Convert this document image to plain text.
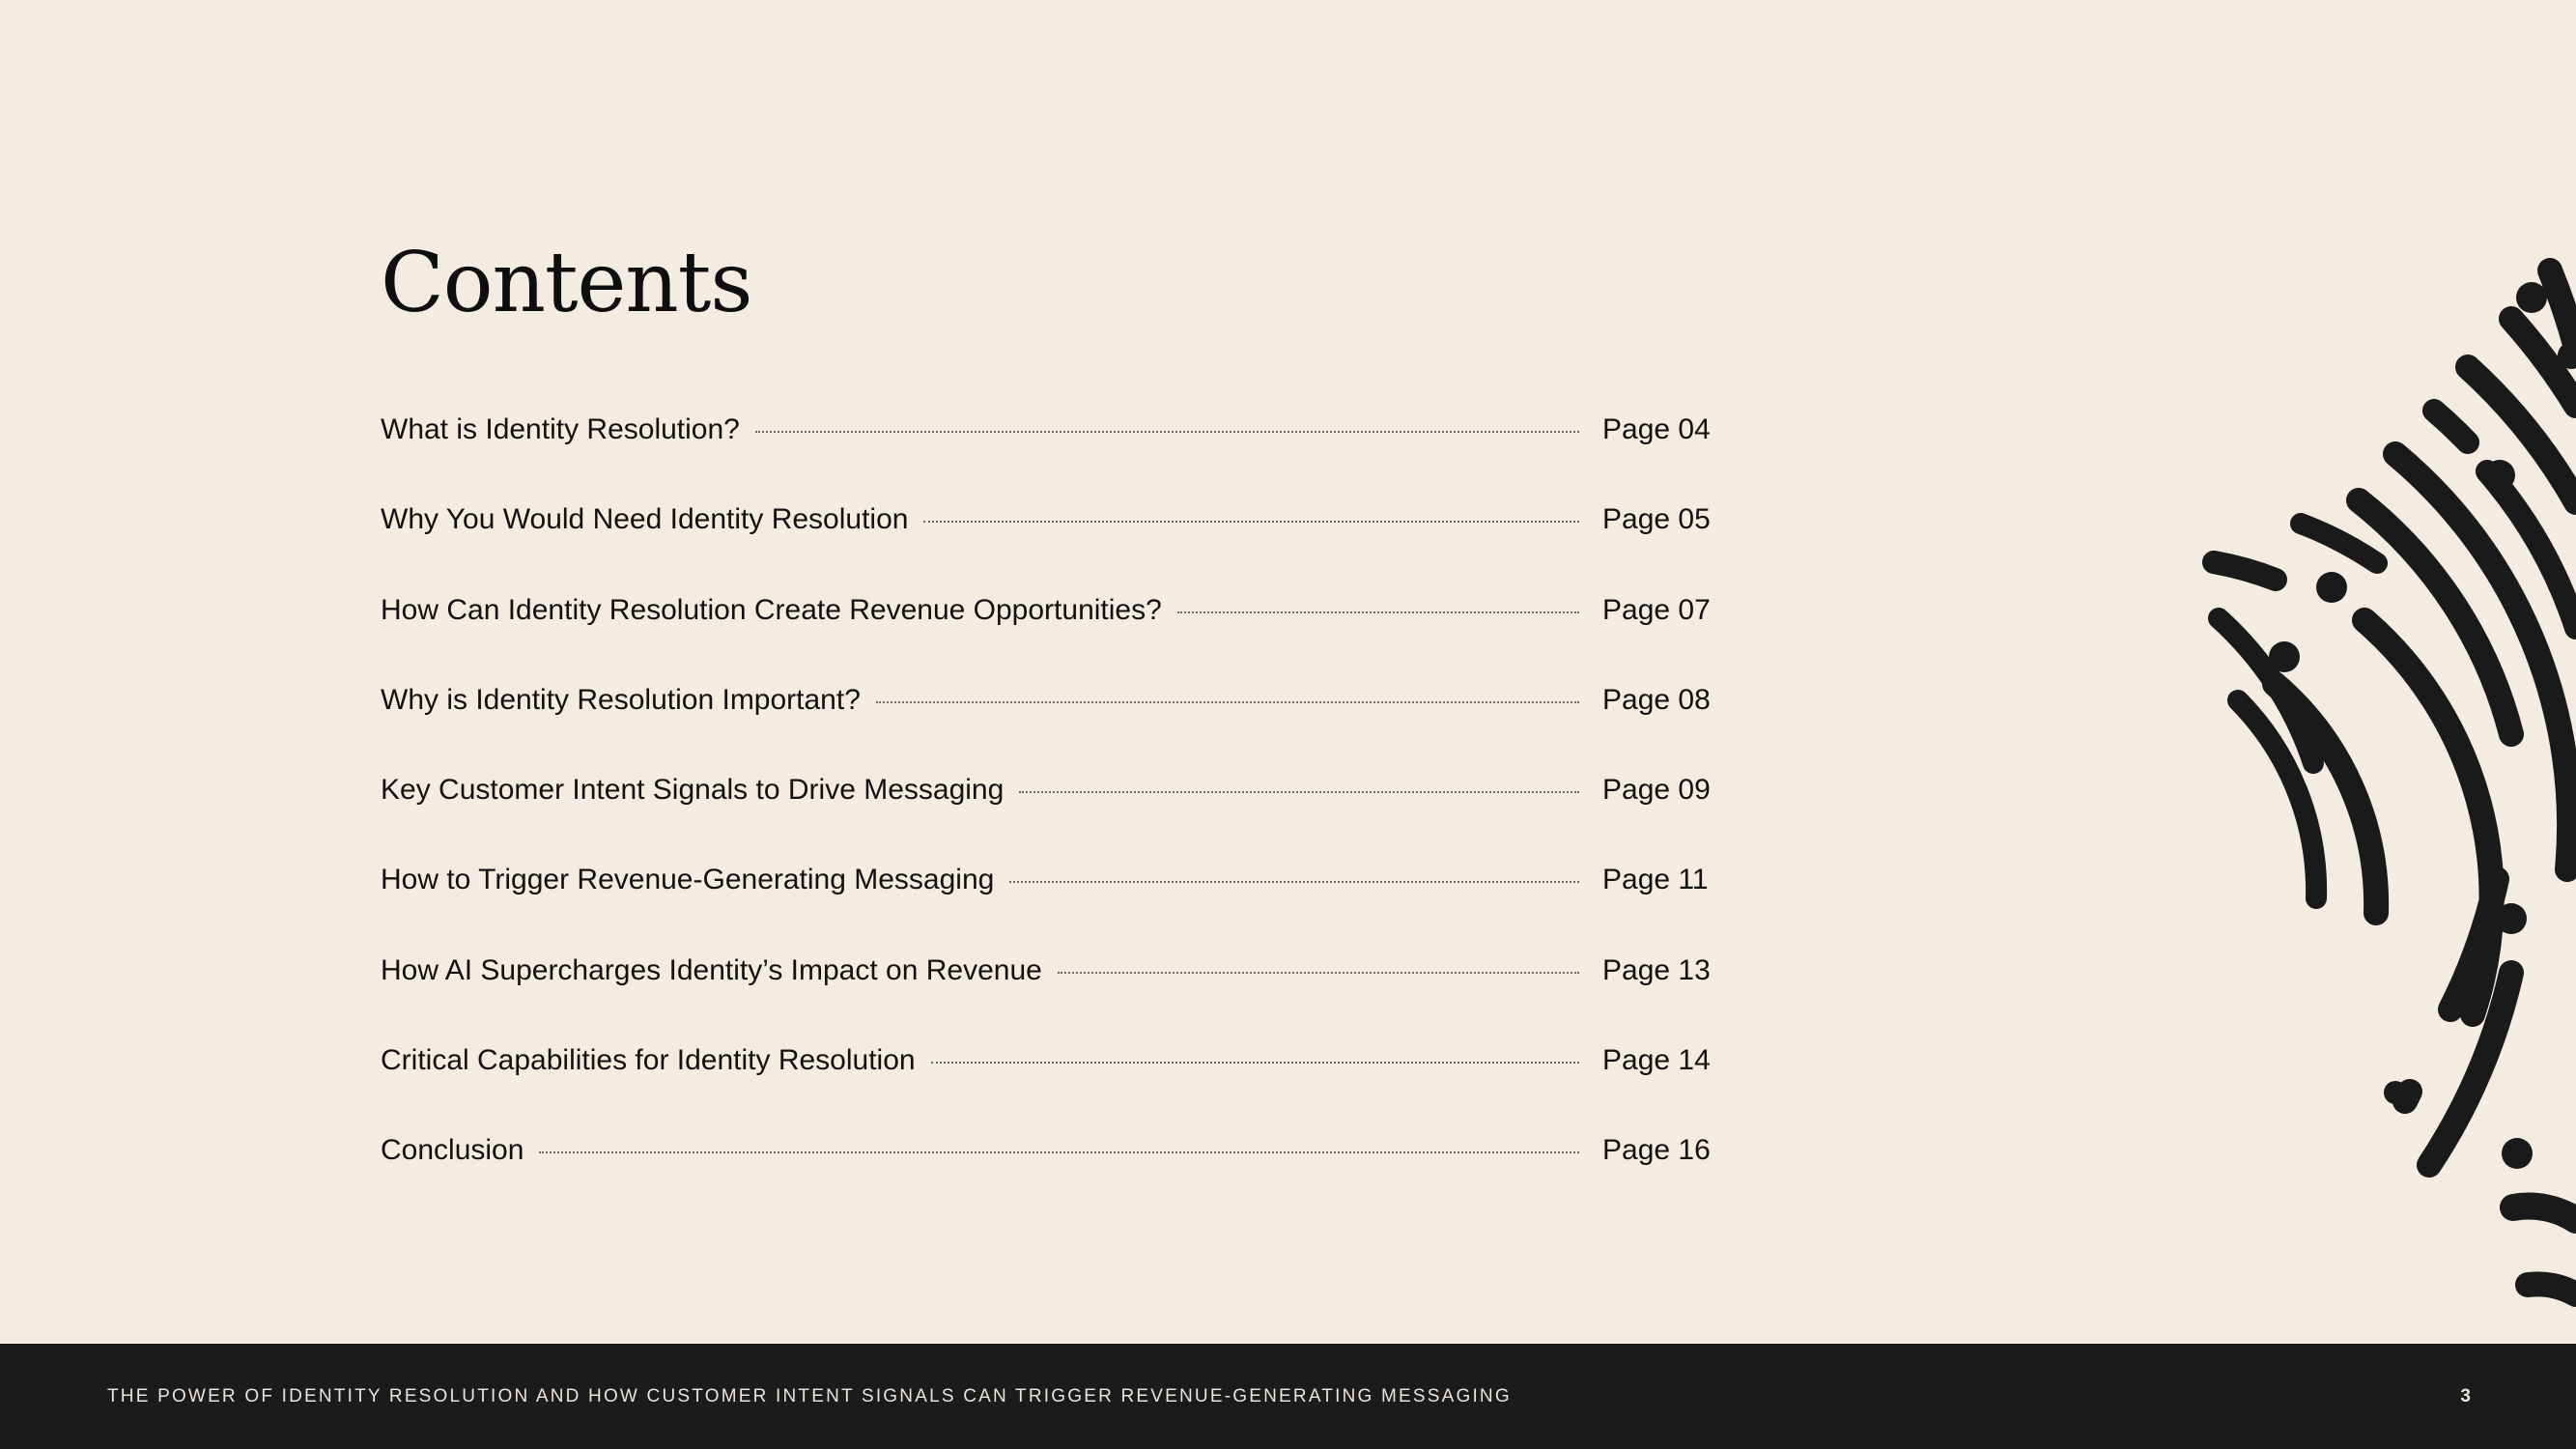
Contents
What is Identity Resolution?	Page 04
Why You Would Need Identity Resolution	Page 05
How Can Identity Resolution Create Revenue Opportunities?	Page 07
Why is Identity Resolution Important?	Page 08
Key Customer Intent Signals to Drive Messaging	Page 09
How to Trigger Revenue-Generating Messaging	Page 11
How AI Supercharges Identity’s Impact on Revenue	Page 13
Critical Capabilities for Identity Resolution	Page 14
Conclusion	Page 16
THE POWER OF IDENTITY RESOLUTION AND HOW CUSTOMER INTENT SIGNALS CAN TRIGGER REVENUE-GENERATING MESSAGING	3
